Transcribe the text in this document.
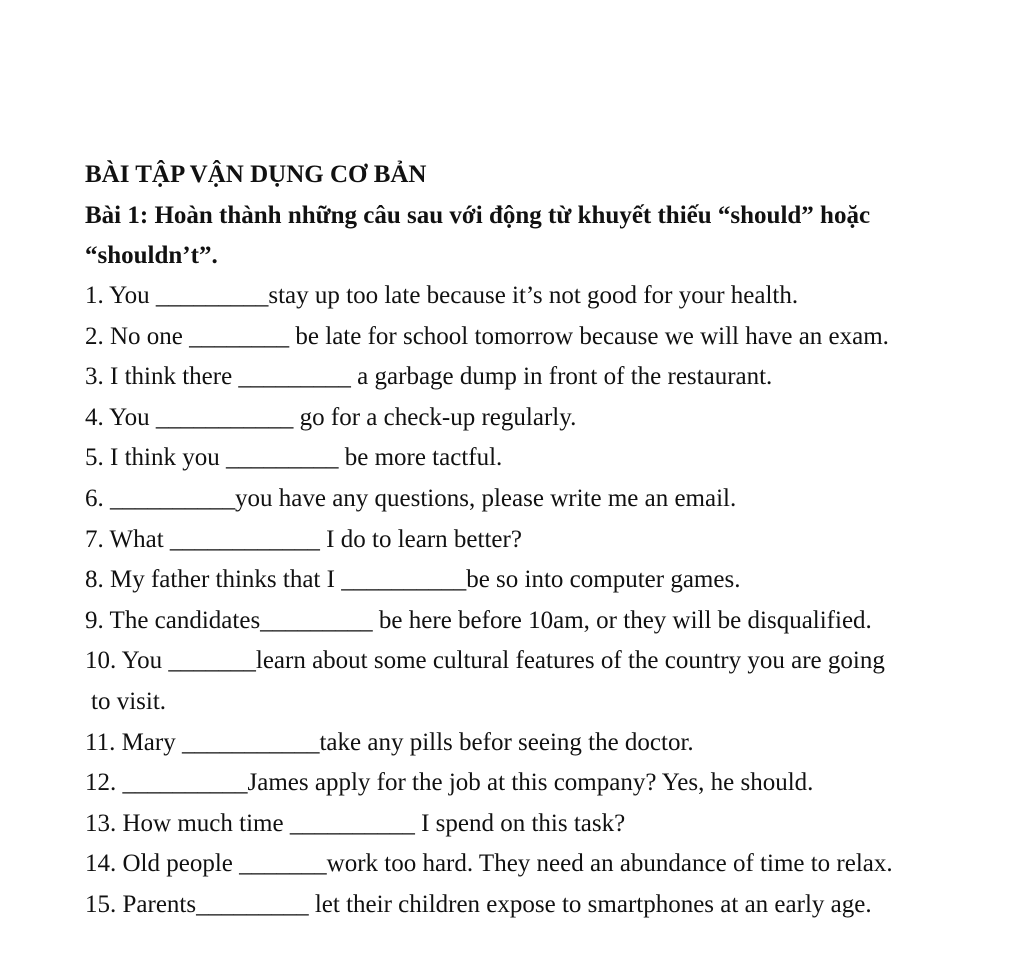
BÀI TẬP VẬN DỤNG CƠ BẢN
Bài 1: Hoàn thành những câu sau với động từ khuyết thiếu “should” hoặc “shouldn’t”.
1. You _________stay up too late because it’s not good for your health.
2. No one ________ be late for school tomorrow because we will have an exam.
3. I think there _________ a garbage dump in front of the restaurant.
4. You ___________ go for a check-up regularly.
5. I think you _________ be more tactful.
6. __________you have any questions, please write me an email.
7. What ____________ I do to learn better?
8. My father thinks that I __________be so into computer games.
9. The candidates_________ be here before 10am, or they will be disqualified.
10. You _______learn about some cultural features of the country you are going
to visit.
11. Mary ___________take any pills befor seeing the doctor.
12. __________James apply for the job at this company? Yes, he should.
13. How much time __________ I spend on this task?
14. Old people _______work too hard. They need an abundance of time to relax.
15. Parents_________ let their children expose to smartphones at an early age.
